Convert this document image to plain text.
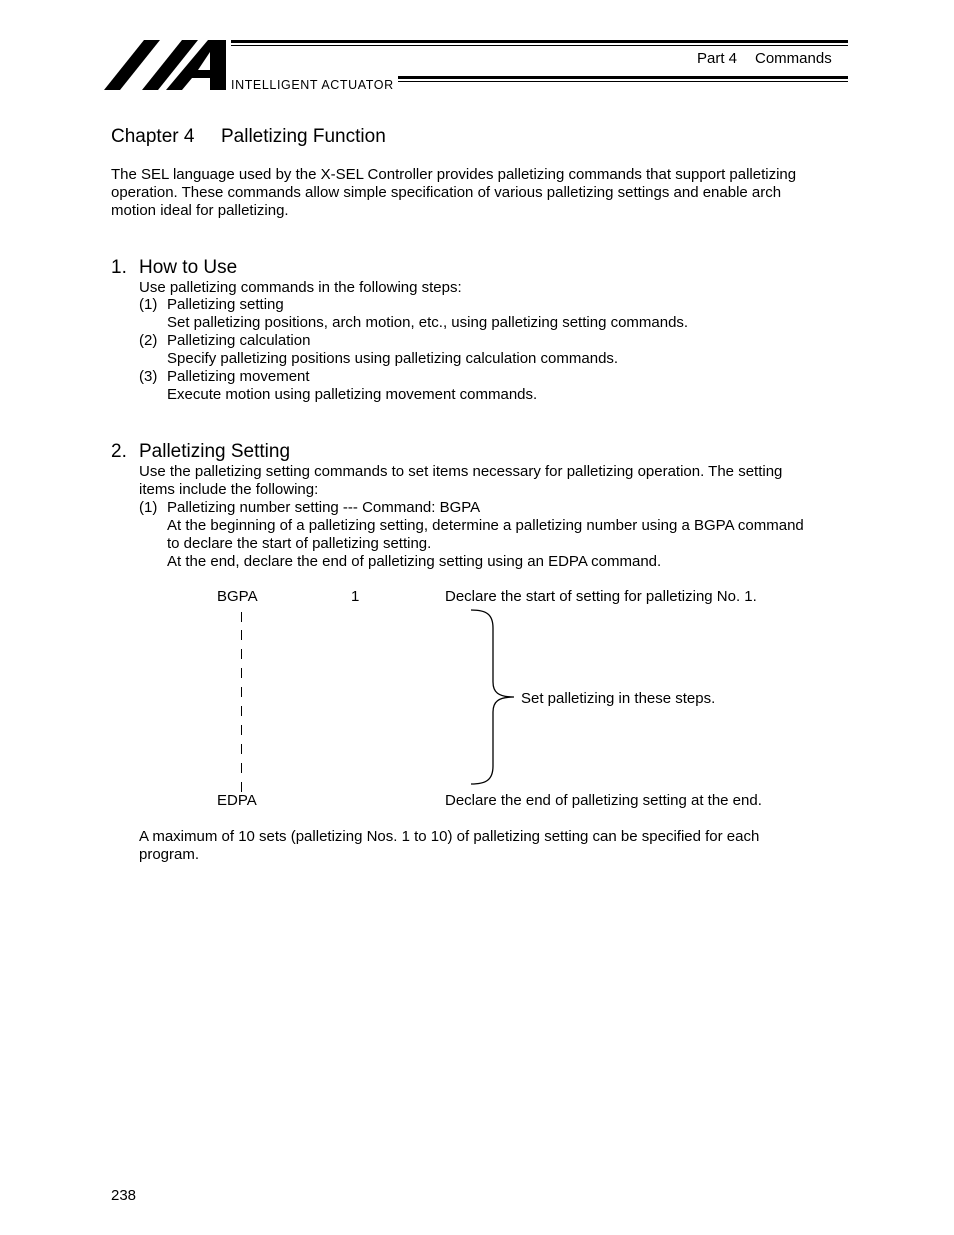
INTELLIGENT ACTUATOR
Part 4 Commands
Chapter 4 Palletizing Function
The SEL language used by the X-SEL Controller provides palletizing commands that support palletizing
operation. These commands allow simple specification of various palletizing settings and enable arch
motion ideal for palletizing.
1. How to Use
Use palletizing commands in the following steps:
(1) Palletizing setting
Set palletizing positions, arch motion, etc., using palletizing setting commands.
(2) Palletizing calculation
Specify palletizing positions using palletizing calculation commands.
(3) Palletizing movement
Execute motion using palletizing movement commands.
2. Palletizing Setting
Use the palletizing setting commands to set items necessary for palletizing operation. The setting
items include the following:
(1) Palletizing number setting --- Command: BGPA
At the beginning of a palletizing setting, determine a palletizing number using a BGPA command
to declare the start of palletizing setting.
At the end, declare the end of palletizing setting using an EDPA command.
BGPA	1	Declare the start of setting for palletizing No. 1.
Set palletizing in these steps.
EDPA	Declare the end of palletizing setting at the end.
A maximum of 10 sets (palletizing Nos. 1 to 10) of palletizing setting can be specified for each
program.
238
